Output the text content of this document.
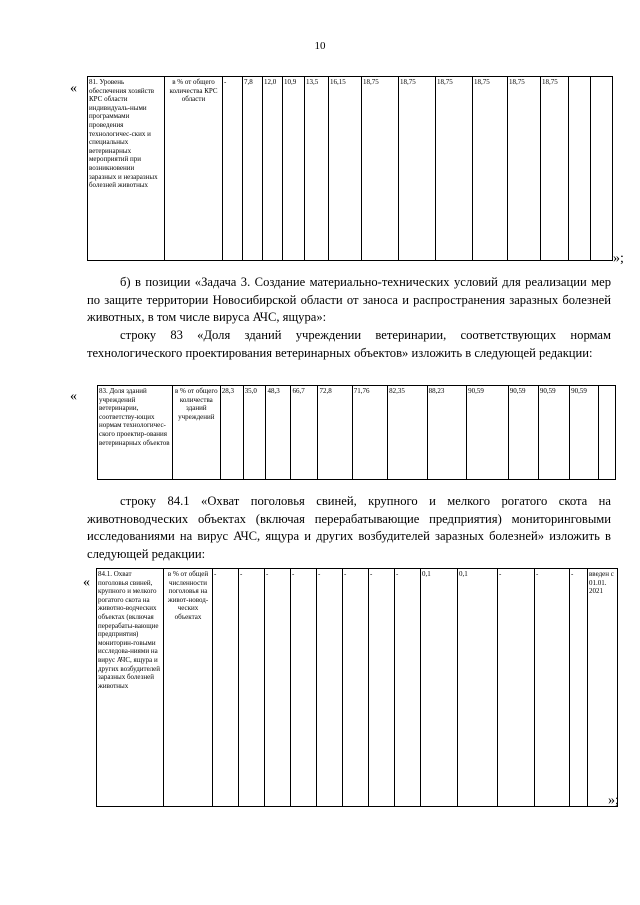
10
« 81. Уровень обеспечения хозяйств КРС области индивидуаль-ными программами проведения технологичес-ских и специальных ветеринарных мероприятий при возникновении заразных и незаразных болезней животных	в % от общего количества КРС области	-	7,8	12,0	10,9	13,5	16,15	18,75	18,75	18,75	18,75	18,75	18,75		
»;
б) в позиции «Задача 3. Создание материально-технических условий для реализации мер по защите территории Новосибирской области от заноса и распространения заразных болезней животных, в том числе вируса АЧС, ящура»:
строку 83 «Доля зданий учреждении ветеринарии, соответствующих нормам технологического проектирования ветеринарных объектов» изложить в следующей редакции:
«	83. Доля зданий учреждений ветеринарии, соответству-ющих нормам технологичес-ского проектир-ования ветеринарных объектов	в % от общего количества зданий учреждений	28,3	35,0	48,3	66,7	72,8	71,76	82,35	88,23	90,59	90,59	90,59	90,59	
строку 84.1 «Охват поголовья свиней, крупного и мелкого рогатого скота на животноводческих объектах (включая перерабатывающие предприятия) мониторинговыми исследованиями на вирус АЧС, ящура и других возбудителей заразных болезней» изложить в следующей редакции:
«
84.1. Охват поголовья свиней, крупного и мелкого рогатого скота на животно-водческих объектах (включая перерабаты-вающие предприятия) мониторин-говыми исследова-ниями на вирус АЧС, ящура и других возбудителей заразных болезней животных	в % от общей численности поголовья на живот-новод-ческих объектах	-	-	-	-	-	-	-	-	0,1	0,1	-	-	-	введен с 01.01. 2021
»;
